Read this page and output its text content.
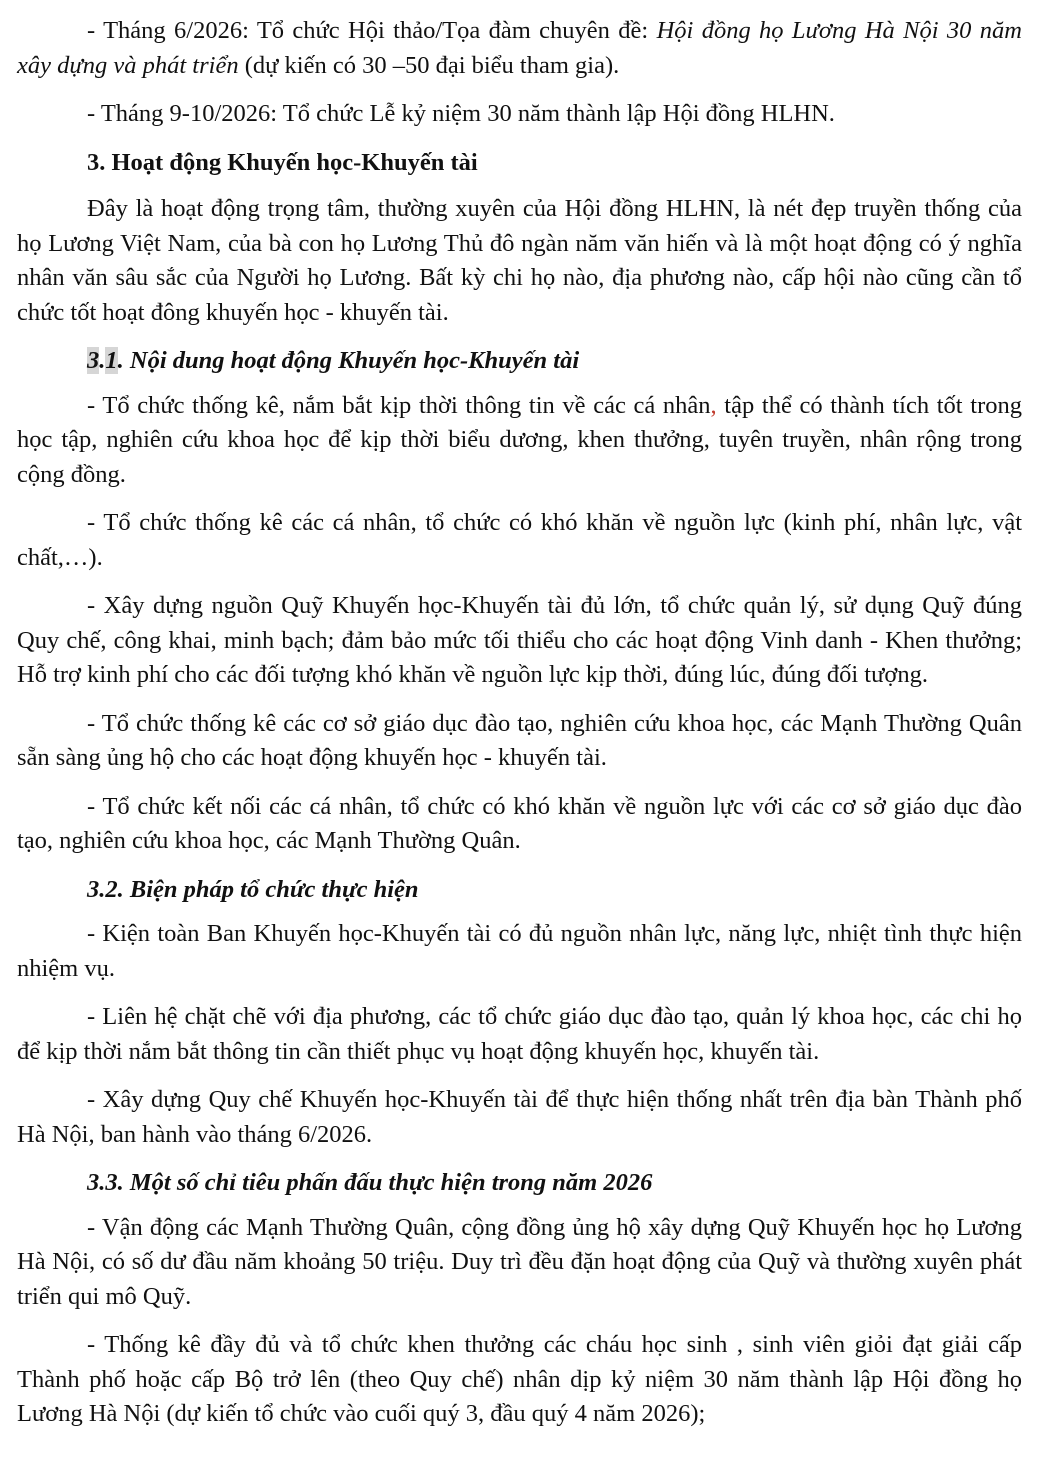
- Tháng 6/2026: Tổ chức Hội thảo/Tọa đàm chuyên đề: Hội đồng họ Lương Hà Nội 30 năm xây dựng và phát triển (dự kiến có 30 –50 đại biểu tham gia).

- Tháng 9-10/2026: Tổ chức Lễ kỷ niệm 30 năm thành lập Hội đồng HLHN.

3. Hoạt động Khuyến học-Khuyến tài

Đây là hoạt động trọng tâm, thường xuyên của Hội đồng HLHN, là nét đẹp truyền thống của họ Lương Việt Nam, của bà con họ Lương Thủ đô ngàn năm văn hiến và là một hoạt động có ý nghĩa nhân văn sâu sắc của Người họ Lương. Bất kỳ chi họ nào, địa phương nào, cấp hội nào cũng cần tổ chức tốt hoạt đông khuyến học - khuyến tài.

3.1. Nội dung hoạt động Khuyến học-Khuyến tài

- Tổ chức thống kê, nắm bắt kịp thời thông tin về các cá nhân, tập thể có thành tích tốt trong học tập, nghiên cứu khoa học để kịp thời biểu dương, khen thưởng, tuyên truyền, nhân rộng trong cộng đồng.

- Tổ chức thống kê các cá nhân, tổ chức có khó khăn về nguồn lực (kinh phí, nhân lực, vật chất,…).

- Xây dựng nguồn Quỹ Khuyến học-Khuyến tài đủ lớn, tổ chức quản lý, sử dụng Quỹ đúng Quy chế, công khai, minh bạch; đảm bảo mức tối thiểu cho các hoạt động Vinh danh - Khen thưởng; Hỗ trợ kinh phí cho các đối tượng khó khăn về nguồn lực kịp thời, đúng lúc, đúng đối tượng.

- Tổ chức thống kê các cơ sở giáo dục đào tạo, nghiên cứu khoa học, các Mạnh Thường Quân sẵn sàng ủng hộ cho các hoạt động khuyến học - khuyến tài.

- Tổ chức kết nối các cá nhân, tổ chức có khó khăn về nguồn lực với các cơ sở giáo dục đào tạo, nghiên cứu khoa học, các Mạnh Thường Quân.

3.2. Biện pháp tổ chức thực hiện

- Kiện toàn Ban Khuyến học-Khuyến tài có đủ nguồn nhân lực, năng lực, nhiệt tình thực hiện nhiệm vụ.

- Liên hệ chặt chẽ với địa phương, các tổ chức giáo dục đào tạo, quản lý khoa học, các chi họ để kịp thời nắm bắt thông tin cần thiết phục vụ hoạt động khuyến học, khuyến tài.

- Xây dựng Quy chế Khuyến học-Khuyến tài để thực hiện thống nhất trên địa bàn Thành phố Hà Nội, ban hành vào tháng 6/2026.

3.3. Một số chỉ tiêu phấn đấu thực hiện trong năm 2026

- Vận động các Mạnh Thường Quân, cộng đồng ủng hộ xây dựng Quỹ Khuyến học họ Lương Hà Nội, có số dư đầu năm khoảng 50 triệu. Duy trì đều đặn hoạt động của Quỹ và thường xuyên phát triển qui mô Quỹ.

- Thống kê đầy đủ và tổ chức khen thưởng các cháu học sinh , sinh viên giỏi đạt giải cấp Thành phố hoặc cấp Bộ trở lên (theo Quy chế) nhân dịp kỷ niệm 30 năm thành lập Hội đồng họ Lương Hà Nội (dự kiến tổ chức vào cuối quý 3, đầu quý 4 năm 2026);
